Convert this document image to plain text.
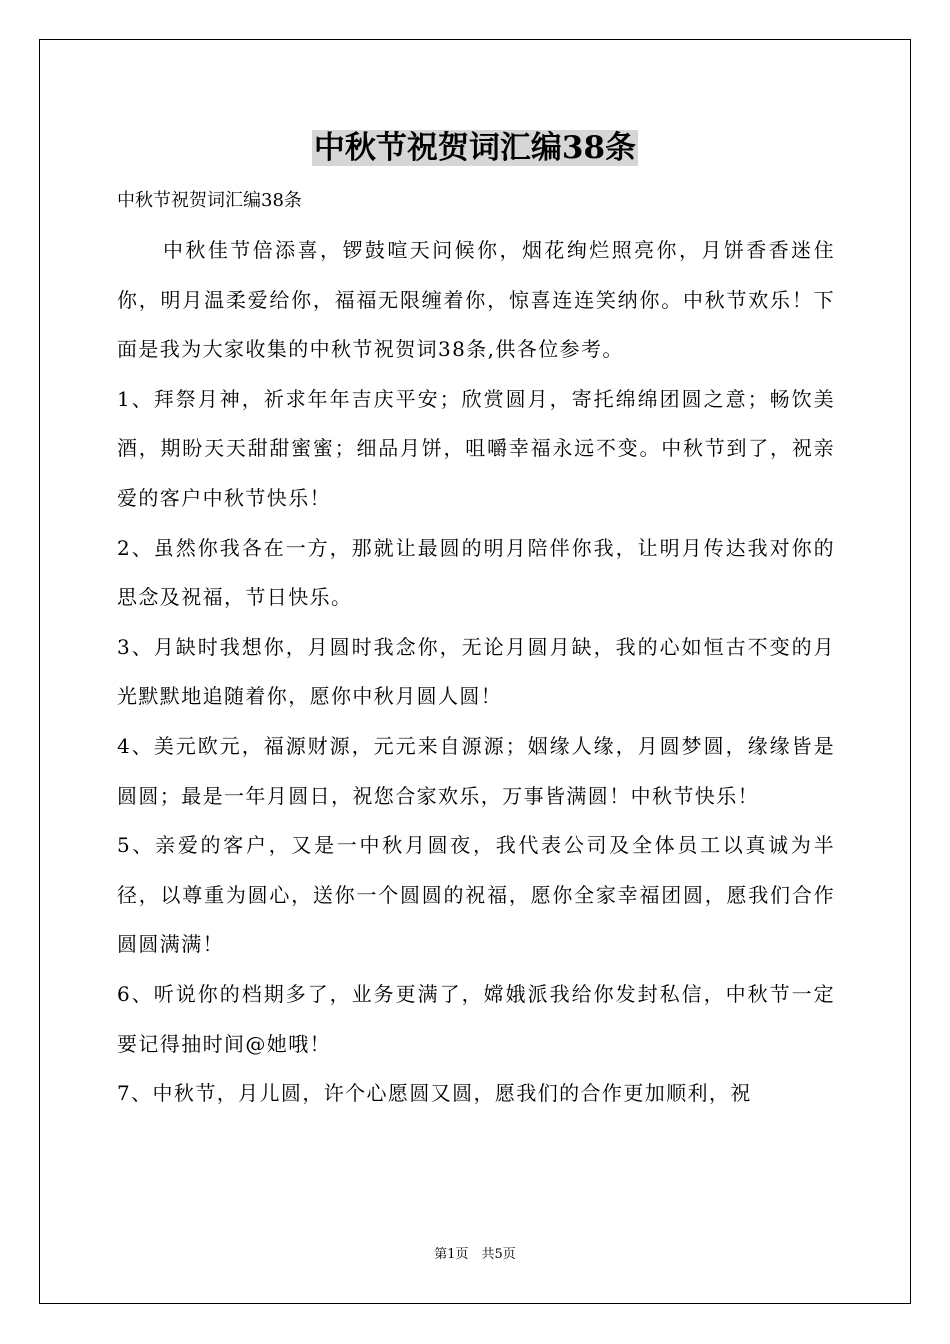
中秋节祝贺词汇编38条

中秋节祝贺词汇编38条

中秋佳节倍添喜，锣鼓喧天问候你，烟花绚烂照亮你，月饼香香迷住你，明月温柔爱给你，福福无限缠着你，惊喜连连笑纳你。中秋节欢乐！下面是我为大家收集的中秋节祝贺词38条,供各位参考。

1、拜祭月神，祈求年年吉庆平安；欣赏圆月，寄托绵绵团圆之意；畅饮美酒，期盼天天甜甜蜜蜜；细品月饼，咀嚼幸福永远不变。中秋节到了，祝亲爱的客户中秋节快乐！

2、虽然你我各在一方，那就让最圆的明月陪伴你我，让明月传达我对你的思念及祝福，节日快乐。

3、月缺时我想你，月圆时我念你，无论月圆月缺，我的心如恒古不变的月光默默地追随着你，愿你中秋月圆人圆！

4、美元欧元，福源财源，元元来自源源；姻缘人缘，月圆梦圆，缘缘皆是圆圆；最是一年月圆日，祝您合家欢乐，万事皆满圆！中秋节快乐！

5、亲爱的客户，又是一中秋月圆夜，我代表公司及全体员工以真诚为半径，以尊重为圆心，送你一个圆圆的祝福，愿你全家幸福团圆，愿我们合作圆圆满满！

6、听说你的档期多了，业务更满了，嫦娥派我给你发封私信，中秋节一定要记得抽时间@她哦！

7、中秋节，月儿圆，许个心愿圆又圆，愿我们的合作更加顺利，祝

第1页　共5页
